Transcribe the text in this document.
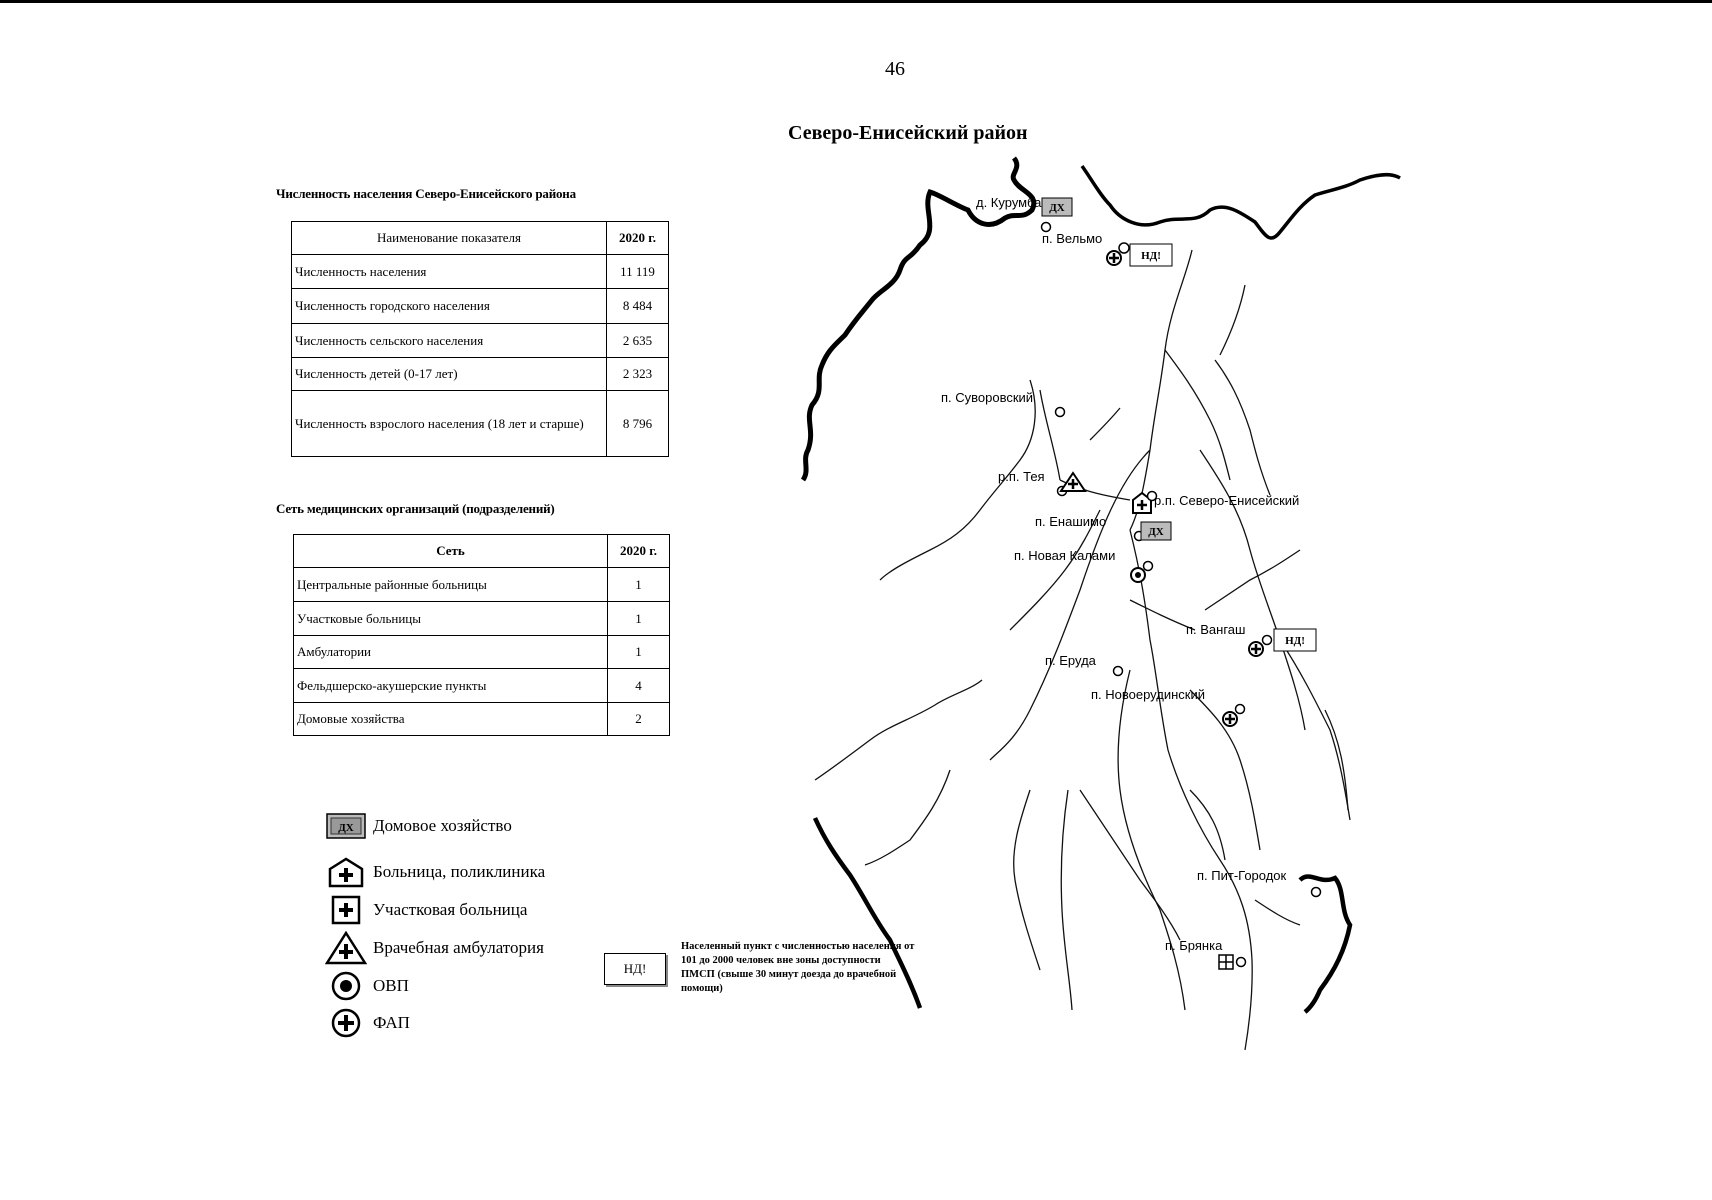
46
Северо-Енисейский район
Численность населения Северо-Енисейского района
Наименование показателя	2020 г.
Численность населения	11 119
Численность городского населения	8 484
Численность сельского населения	2 635
Численность детей (0-17 лет)	2 323
Численность взрослого населения (18 лет и старше)	8 796
Сеть медицинских организаций (подразделений)
Сеть	2020 г.
Центральные районные больницы	1
Участковые больницы	1
Амбулатории	1
Фельдшерско-акушерские пункты	4
Домовые хозяйства	2
ДХ Домовое хозяйство
Больница, поликлиника
Участковая больница
Врачебная амбулатория
ОВП
ФАП
НД!
Населенный пункт с численностью населения от 101 до 2000 человек вне зоны доступности ПМСП (свыше 30 минут доезда до врачебной помощи)
д. Курумба ДХ
п. Вельмо
НД!
п. Суворовский
р.п. Тея
р.п. Северо-Енисейский
п. Енашимо
ДХ
п. Новая Калами
п. Вангаш
НД!
п. Еруда
п. Новоерудинский
п. Пит-Городок
п. Брянка
